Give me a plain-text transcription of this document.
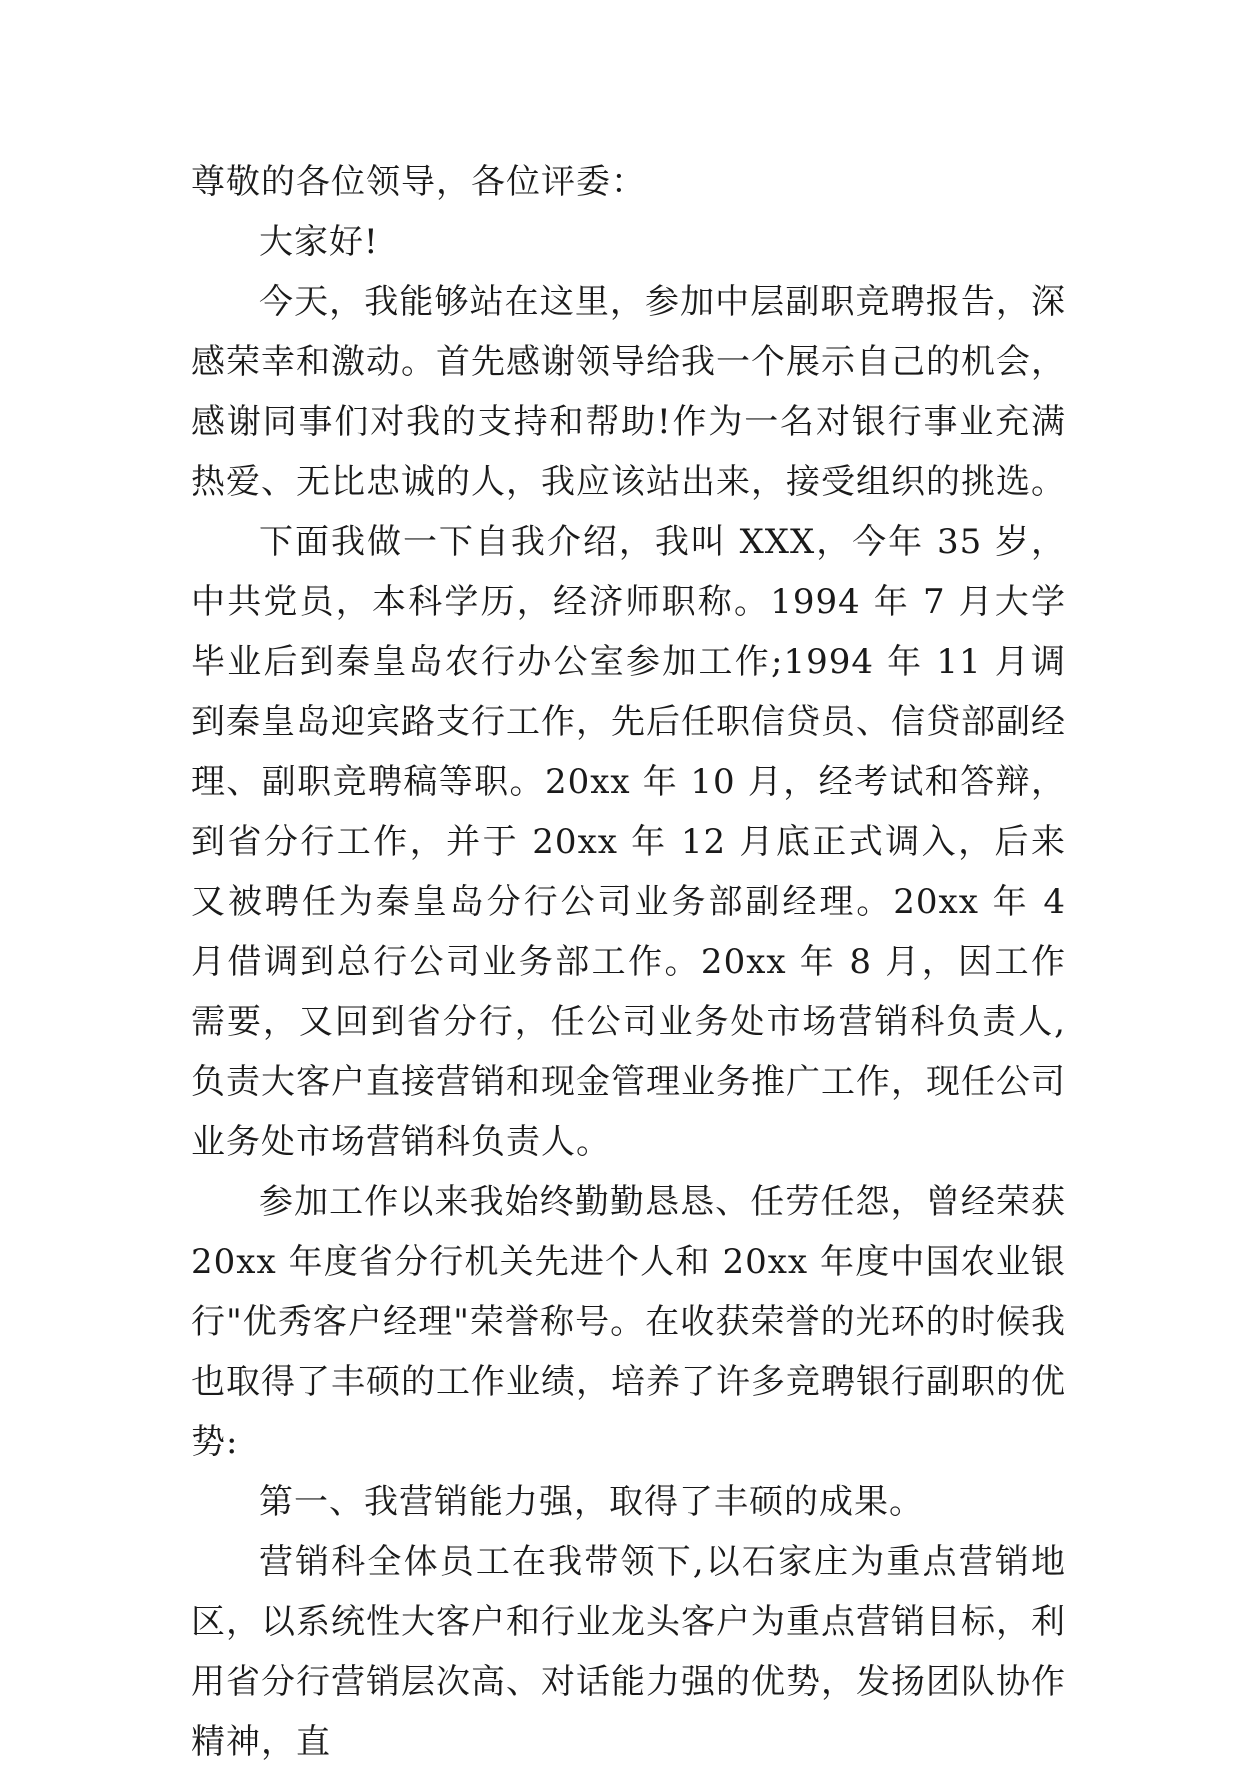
尊敬的各位领导，各位评委：

大家好!

今天，我能够站在这里，参加中层副职竞聘报告，深感荣幸和激动。首先感谢领导给我一个展示自己的机会，感谢同事们对我的支持和帮助!作为一名对银行事业充满热爱、无比忠诚的人，我应该站出来，接受组织的挑选。

下面我做一下自我介绍，我叫 XXX，今年 35 岁，中共党员，本科学历，经济师职称。1994 年 7 月大学毕业后到秦皇岛农行办公室参加工作;1994 年 11 月调到秦皇岛迎宾路支行工作，先后任职信贷员、信贷部副经理、副职竞聘稿等职。20xx 年 10 月，经考试和答辩，到省分行工作，并于 20xx 年 12 月底正式调入，后来又被聘任为秦皇岛分行公司业务部副经理。20xx 年 4 月借调到总行公司业务部工作。20xx 年 8 月，因工作需要，又回到省分行，任公司业务处市场营销科负责人,负责大客户直接营销和现金管理业务推广工作，现任公司业务处市场营销科负责人。

参加工作以来我始终勤勤恳恳、任劳任怨，曾经荣获 20xx 年度省分行机关先进个人和 20xx 年度中国农业银行"优秀客户经理"荣誉称号。在收获荣誉的光环的时候我也取得了丰硕的工作业绩，培养了许多竞聘银行副职的优势:

第一、我营销能力强，取得了丰硕的成果。

营销科全体员工在我带领下,以石家庄为重点营销地区，以系统性大客户和行业龙头客户为重点营销目标，利用省分行营销层次高、对话能力强的优势，发扬团队协作精神，直
